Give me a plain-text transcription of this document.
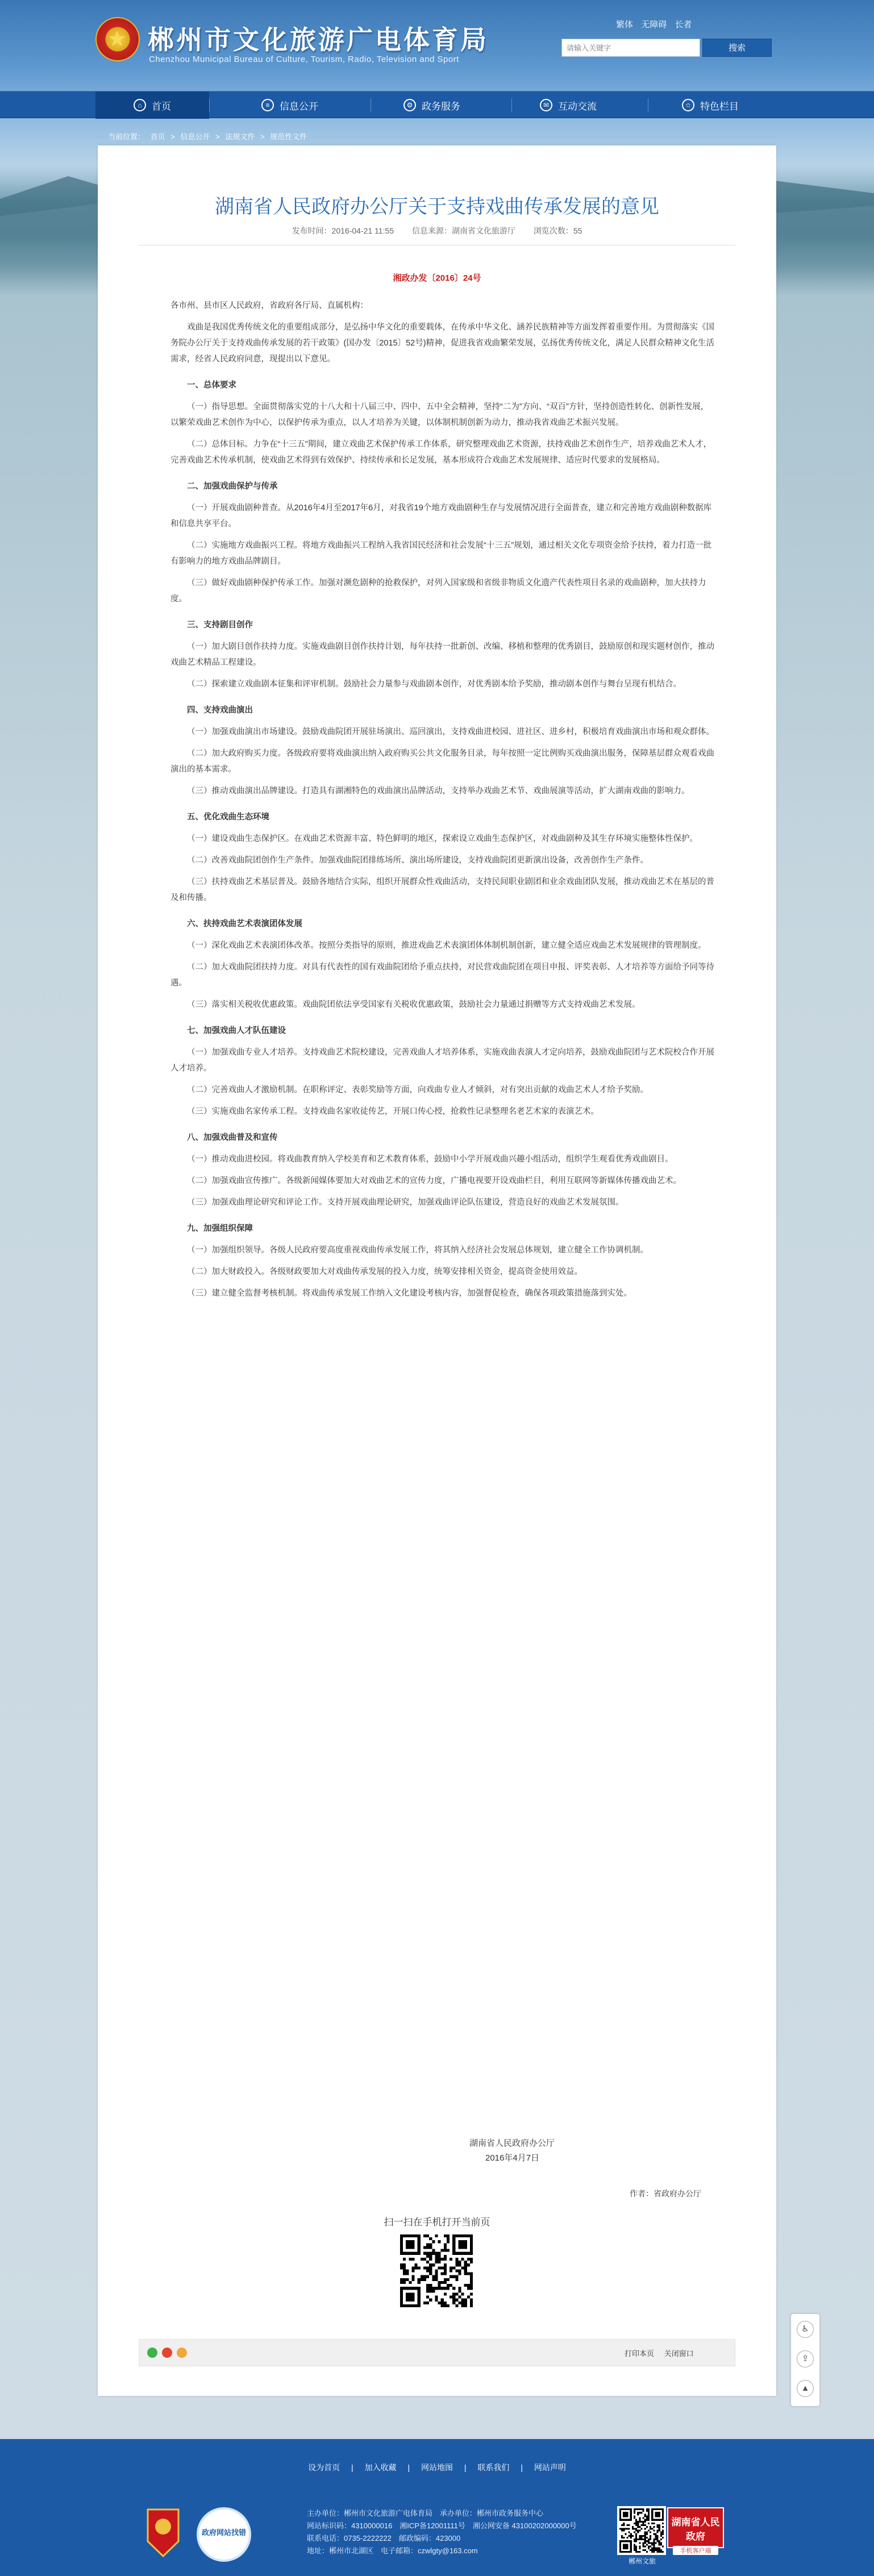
★ 郴州市文化旅游广电体育局
Chenzhou Municipal Bureau of Culture, Tourism, Radio, Television and Sport
繁体 无障碍 长者
请输入关键字
搜索
⌂	首页	≡	信息公开	⚙ 政务服务	✉ 互动交流	☆ 特色栏目
当前位置： 首页 > 信息公开 > 法规文件 > 规范性文件
湖南省人民政府办公厅关于支持戏曲传承发展的意见
发布时间：2016-04-21 11:55 信息来源：湖南省文化旅游厅 浏览次数：55
湘政办发〔2016〕24号

各市州、县市区人民政府，省政府各厅局、直属机构：

戏曲是我国优秀传统文化的重要组成部分，是弘扬中华文化的重要载体，在传承中华文化、涵养民族精神等方面发挥着重要作用。为贯彻落实《国务院办公厅关于支持戏曲传承发展的若干政策》(国办发〔2015〕52号)精神，促进我省戏曲繁荣发展，弘扬优秀传统文化，满足人民群众精神文化生活需求，经省人民政府同意，现提出以下意见。

一、总体要求

（一）指导思想。全面贯彻落实党的十八大和十八届三中、四中、五中全会精神，坚持“二为”方向、“双百”方针，坚持创造性转化、创新性发展，以繁荣戏曲艺术创作为中心，以保护传承为重点，以人才培养为关键，以体制机制创新为动力，推动我省戏曲艺术振兴发展。

（二）总体目标。力争在“十三五”期间，建立戏曲艺术保护传承工作体系，研究整理戏曲艺术资源，扶持戏曲艺术创作生产，培养戏曲艺术人才，完善戏曲艺术传承机制，使戏曲艺术得到有效保护、持续传承和长足发展，基本形成符合戏曲艺术发展规律、适应时代要求的发展格局。

二、加强戏曲保护与传承

（一）开展戏曲剧种普查。从2016年4月至2017年6月，对我省19个地方戏曲剧种生存与发展情况进行全面普查，建立和完善地方戏曲剧种数据库和信息共享平台。

（二）实施地方戏曲振兴工程。将地方戏曲振兴工程纳入我省国民经济和社会发展“十三五”规划，通过相关文化专项资金给予扶持，着力打造一批有影响力的地方戏曲品牌剧目。

（三）做好戏曲剧种保护传承工作。加强对濒危剧种的抢救保护，对列入国家级和省级非物质文化遗产代表性项目名录的戏曲剧种，加大扶持力度。

三、支持剧目创作

（一）加大剧目创作扶持力度。实施戏曲剧目创作扶持计划，每年扶持一批新创、改编、移植和整理的优秀剧目，鼓励原创和现实题材创作，推动戏曲艺术精品工程建设。

（二）探索建立戏曲剧本征集和评审机制。鼓励社会力量参与戏曲剧本创作，对优秀剧本给予奖励，推动剧本创作与舞台呈现有机结合。

四、支持戏曲演出

（一）加强戏曲演出市场建设。鼓励戏曲院团开展驻场演出、巡回演出，支持戏曲进校园、进社区、进乡村，积极培育戏曲演出市场和观众群体。

（二）加大政府购买力度。各级政府要将戏曲演出纳入政府购买公共文化服务目录，每年按照一定比例购买戏曲演出服务，保障基层群众观看戏曲演出的基本需求。

（三）推动戏曲演出品牌建设。打造具有湖湘特色的戏曲演出品牌活动，支持举办戏曲艺术节、戏曲展演等活动，扩大湖南戏曲的影响力。

五、优化戏曲生态环境

（一）建设戏曲生态保护区。在戏曲艺术资源丰富、特色鲜明的地区，探索设立戏曲生态保护区，对戏曲剧种及其生存环境实施整体性保护。

（二）改善戏曲院团创作生产条件。加强戏曲院团排练场所、演出场所建设，支持戏曲院团更新演出设备，改善创作生产条件。

（三）扶持戏曲艺术基层普及。鼓励各地结合实际，组织开展群众性戏曲活动，支持民间职业剧团和业余戏曲团队发展，推动戏曲艺术在基层的普及和传播。

六、扶持戏曲艺术表演团体发展

（一）深化戏曲艺术表演团体改革。按照分类指导的原则，推进戏曲艺术表演团体体制机制创新，建立健全适应戏曲艺术发展规律的管理制度。

（二）加大戏曲院团扶持力度。对具有代表性的国有戏曲院团给予重点扶持，对民营戏曲院团在项目申报、评奖表彰、人才培养等方面给予同等待遇。

（三）落实相关税收优惠政策。戏曲院团依法享受国家有关税收优惠政策，鼓励社会力量通过捐赠等方式支持戏曲艺术发展。

七、加强戏曲人才队伍建设

（一）加强戏曲专业人才培养。支持戏曲艺术院校建设，完善戏曲人才培养体系，实施戏曲表演人才定向培养，鼓励戏曲院团与艺术院校合作开展人才培养。

（二）完善戏曲人才激励机制。在职称评定、表彰奖励等方面，向戏曲专业人才倾斜，对有突出贡献的戏曲艺术人才给予奖励。

（三）实施戏曲名家传承工程。支持戏曲名家收徒传艺，开展口传心授，抢救性记录整理名老艺术家的表演艺术。

八、加强戏曲普及和宣传

（一）推动戏曲进校园。将戏曲教育纳入学校美育和艺术教育体系，鼓励中小学开展戏曲兴趣小组活动，组织学生观看优秀戏曲剧目。

（二）加强戏曲宣传推广。各级新闻媒体要加大对戏曲艺术的宣传力度，广播电视要开设戏曲栏目，利用互联网等新媒体传播戏曲艺术。

（三）加强戏曲理论研究和评论工作。支持开展戏曲理论研究，加强戏曲评论队伍建设，营造良好的戏曲艺术发展氛围。

九、加强组织保障

（一）加强组织领导。各级人民政府要高度重视戏曲传承发展工作，将其纳入经济社会发展总体规划，建立健全工作协调机制。

（二）加大财政投入。各级财政要加大对戏曲传承发展的投入力度，统筹安排相关资金，提高资金使用效益。

（三）建立健全监督考核机制。将戏曲传承发展工作纳入文化建设考核内容，加强督促检查，确保各项政策措施落到实处。

湖南省人民政府办公厅
2016年4月7日
作者：省政府办公厅
扫一扫在手机打开当前页
打印本页 关闭窗口
♿
⇪
▲
设为首页 | 加入收藏 | 网站地图 | 联系我们 | 网站声明
政府网站找错
主办单位：郴州市文化旅游广电体育局　承办单位：郴州市政务服务中心
网站标识码：4310000016　湘ICP备12001111号　湘公网安备 43100202000000号
联系电话：0735-2222222　邮政编码：423000
地址：郴州市北湖区　电子邮箱：czwlgty@163.com
郴州文旅
湖南省人民政府
手机客户端
